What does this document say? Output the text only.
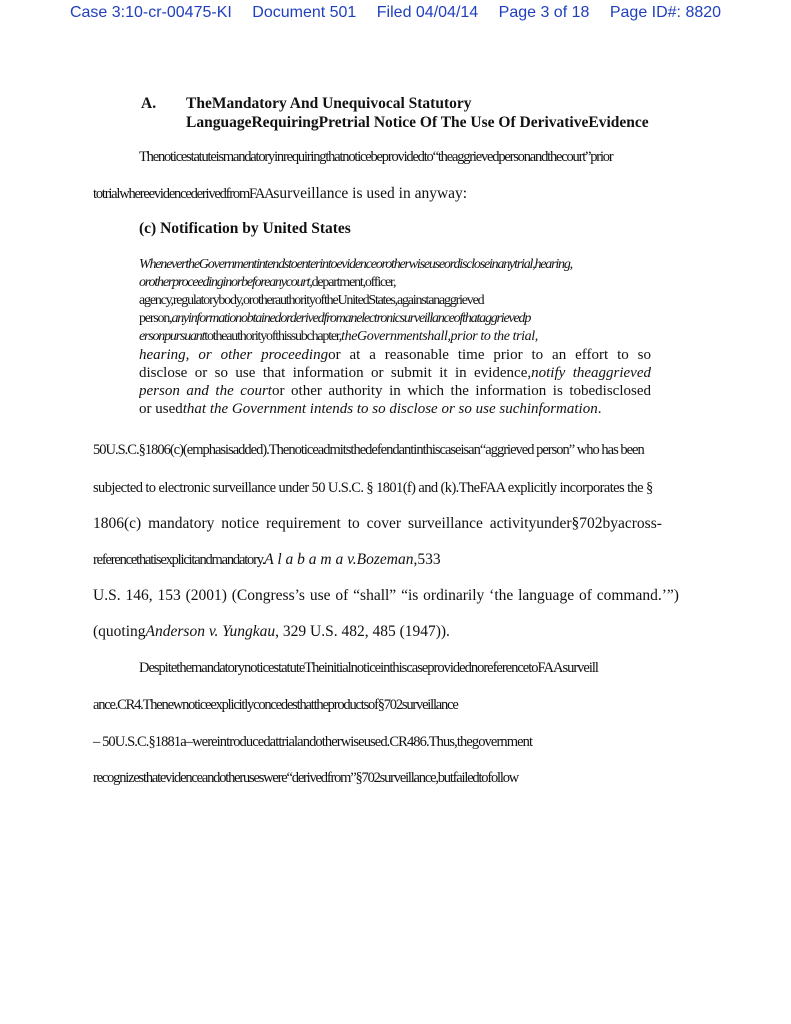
Case 3:10-cr-00475-KI Document 501 Filed 04/04/14 Page 3 of 18 Page ID#: 8820
A. TheMandatory And Unequivocal Statutory
LanguageRequiringPretrial Notice Of The Use Of DerivativeEvidence
Thenoticestatuteismandatoryinrequiringthatnoticebeprovidedto“theaggrievedpersonandthecourt”prior
totrialwhereevidencederivedfromFAAsurveillance is used in anyway:
(c) Notification by United States
WhenevertheGovernmentintendstoenterintoevidenceorotherwiseuseordiscloseinanytrial,hearing,
orotherproceedinginorbeforeanycourt,department,officer,
agency,regulatorybody,orotherauthorityoftheUnitedStates,againstanaggrieved
person,anyinformationobtainedorderivedfromanelectronicsurveillanceofthataggrievedp
ersonpursuanttotheauthorityofthissubchapter,theGovernmentshall,prior to the trial,
hearing, or other proceedingor at a reasonable time prior to an effort to so
disclose or so use that information or submit it in evidence,notify theaggrieved
person and the courtor other authority in which the information is tobedisclosed
or usedthat the Government intends to so disclose or so use suchinformation.
50U.S.C.§1806(c)(emphasisadded).Thenoticeadmitsthedefendantinthiscaseisan“aggrieved person” who has been
subjected to electronic surveillance under 50 U.S.C. § 1801(f) and (k).TheFAA explicitly incorporates the §
1806(c) mandatory notice requirement to cover surveillance activityunder§702byacross-
referencethatisexplicitandmandatory.A l a b a m a v.Bozeman,533
U.S. 146, 153 (2001) (Congress’s use of “shall” “is ordinarily ‘the language of command.’”)
(quotingAnderson v. Yungkau, 329 U.S. 482, 485 (1947)).
DespitethemandatorynoticestatuteTheinitialnoticeinthiscaseprovidednoreferencetoFAAsurveill
ance.CR4.Thenewnoticeexplicitlyconcedesthattheproductsof§702surveillance
– 50U.S.C.§1881a–wereintroducedattrialandotherwiseused.CR486.Thus,thegovernment
recognizesthatevidenceandotheruseswere“derivedfrom”§702surveillance,butfailedtofollow
